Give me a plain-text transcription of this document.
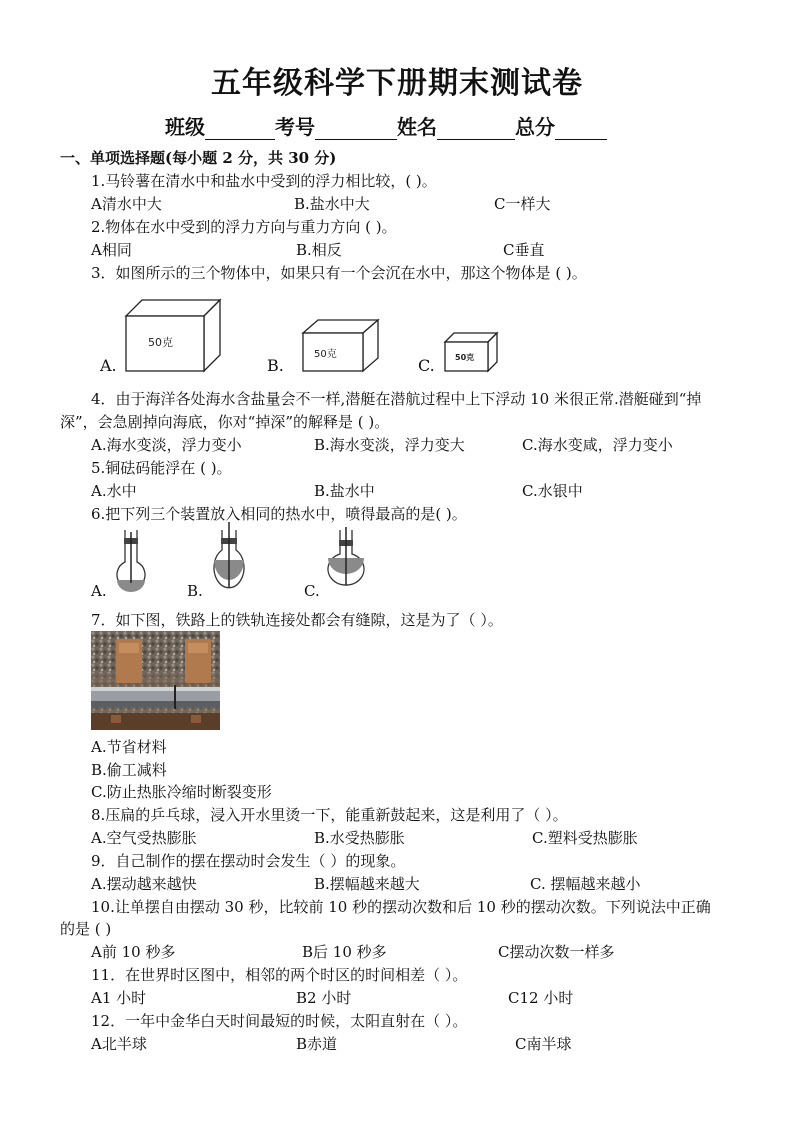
五年级科学下册期末测试卷
班级	考号	姓名	总分
一、单项选择题(每小题 2 分，共 30 分)
1.马铃薯在清水中和盐水中受到的浮力相比较，( )。
A清水中大	B.盐水中大	C一样大
2.物体在水中受到的浮力方向与重力方向 ( )。
A相同	B.相反	C垂直
3．如图所示的三个物体中，如果只有一个会沉在水中，那这个物体是 ( )。
A.	B.	C.
50克
50克	50克
4．由于海洋各处海水含盐量会不一样,潜艇在潜航过程中上下浮动 10 米很正常.潜艇碰到“掉
深”，会急剧掉向海底，你对“掉深”的解释是 ( )。
A.海水变淡，浮力变小	B.海水变淡，浮力变大	C.海水变咸，浮力变小
5.铜砝码能浮在 ( )。
A.水中	B.盐水中	C.水银中
6.把下列三个装置放入相同的热水中，喷得最高的是( )。
A.	B.	C.
7．如下图，铁路上的铁轨连接处都会有缝隙，这是为了（ ）。
A.节省材料
B.偷工减料
C.防止热胀冷缩时断裂变形
8.压扁的乒乓球，浸入开水里烫一下，能重新鼓起来，这是利用了（ ）。
A.空气受热膨胀	B.水受热膨胀	C.塑料受热膨胀
9．自己制作的摆在摆动时会发生（ ）的现象。
A.摆动越来越快	B.摆幅越来越大	C. 摆幅越来越小
10.让单摆自由摆动 30 秒，比较前 10 秒的摆动次数和后 10 秒的摆动次数。下列说法中正确
的是 ( )
A前 10 秒多	B后 10 秒多	C摆动次数一样多
11．在世界时区图中，相邻的两个时区的时间相差（ ）。
A1 小时	B2 小时	C12 小时
12．一年中金华白天时间最短的时候，太阳直射在（ ）。
A北半球	B赤道	C南半球
